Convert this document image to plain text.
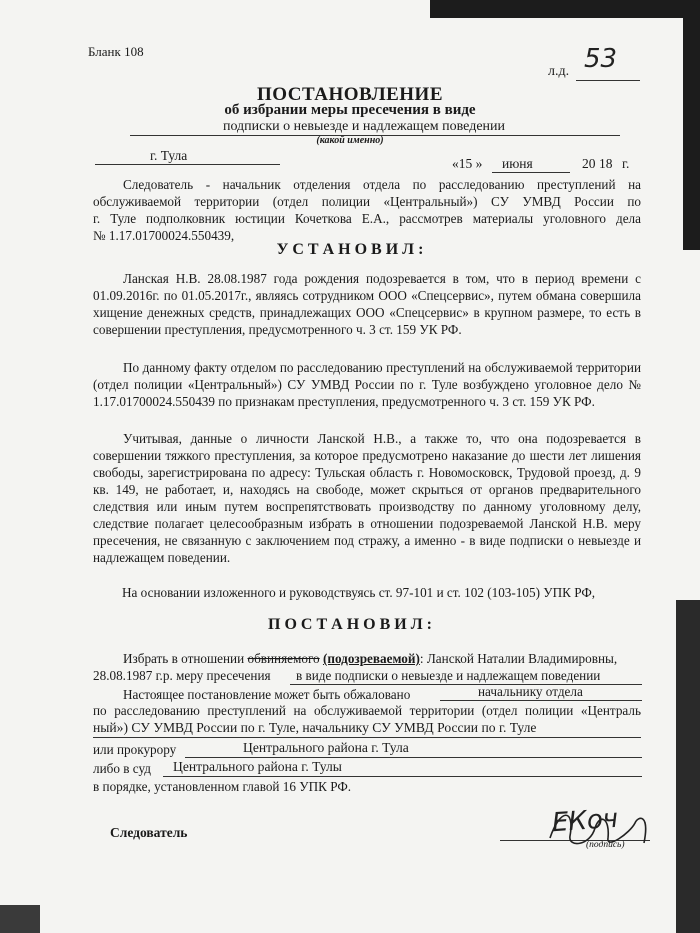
Бланк 108
л.д. 53
ПОСТАНОВЛЕНИЕ
об избрании меры пресечения в виде
подписки о невыезде и надлежащем поведении
(какой именно)
г. Тула
«15 » июня	20 18 г.
Следователь - начальник отделения отдела по расследованию преступлений на
обслуживаемой территории (отдел полиции «Центральный») СУ УМВД России по
г. Туле подполковник юстиции Кочеткова Е.А., рассмотрев материалы уголовного дела
№ 1.17.01700024.550439,
У С Т А Н О В И Л :
Ланская Н.В. 28.08.1987 года рождения подозревается в том, что в период времени с 01.09.2016г. по 01.05.2017г., являясь сотрудником ООО «Спецсервис», путем обмана совершила хищение денежных средств, принадлежащих ООО «Спецсервис» в крупном размере, то есть в совершении преступления, предусмотренного ч. 3 ст. 159 УК РФ.
По данному факту отделом по расследованию преступлений на обслуживаемой территории (отдел полиции «Центральный») СУ УМВД России по г. Туле возбуждено уголовное дело № 1.17.01700024.550439 по признакам преступления, предусмотренного ч. 3 ст. 159 УК РФ.
Учитывая, данные о личности Ланской Н.В., а также то, что она подозревается в совершении тяжкого преступления, за которое предусмотрено наказание до шести лет лишения свободы, зарегистрирована по адресу: Тульская область г. Новомосковск, Трудовой проезд, д. 9 кв. 149, не работает, и, находясь на свободе, может скрыться от органов предварительного следствия или иным путем воспрепятствовать производству по данному уголовному делу, следствие полагает целесообразным избрать в отношении подозреваемой Ланской Н.В. меру пресечения, не связанную с заключением под стражу, а именно - в виде подписки о невыезде и надлежащем поведении.
На основании изложенного и руководствуясь ст. 97-101 и ст. 102 (103-105) УПК РФ,
П О С Т А Н О В И Л :
Избрать в отношении обвиняемого (подозреваемой): Ланской Наталии Владимировны,
28.08.1987 г.р. меру пресечения в виде подписки о невыезде и надлежащем поведении
Настоящее постановление может быть обжаловано	начальнику отдела
по расследованию преступлений на обслуживаемой территории (отдел полиции «Централь
ный») СУ УМВД России по г. Туле, начальнику СУ УМВД России по г. Туле
или прокурору	Центрального района г. Тула
либо в суд Центрального района г. Тулы
в порядке, установленном главой 16 УПК РФ.
Следователь
(подпись)
ЕКоч
